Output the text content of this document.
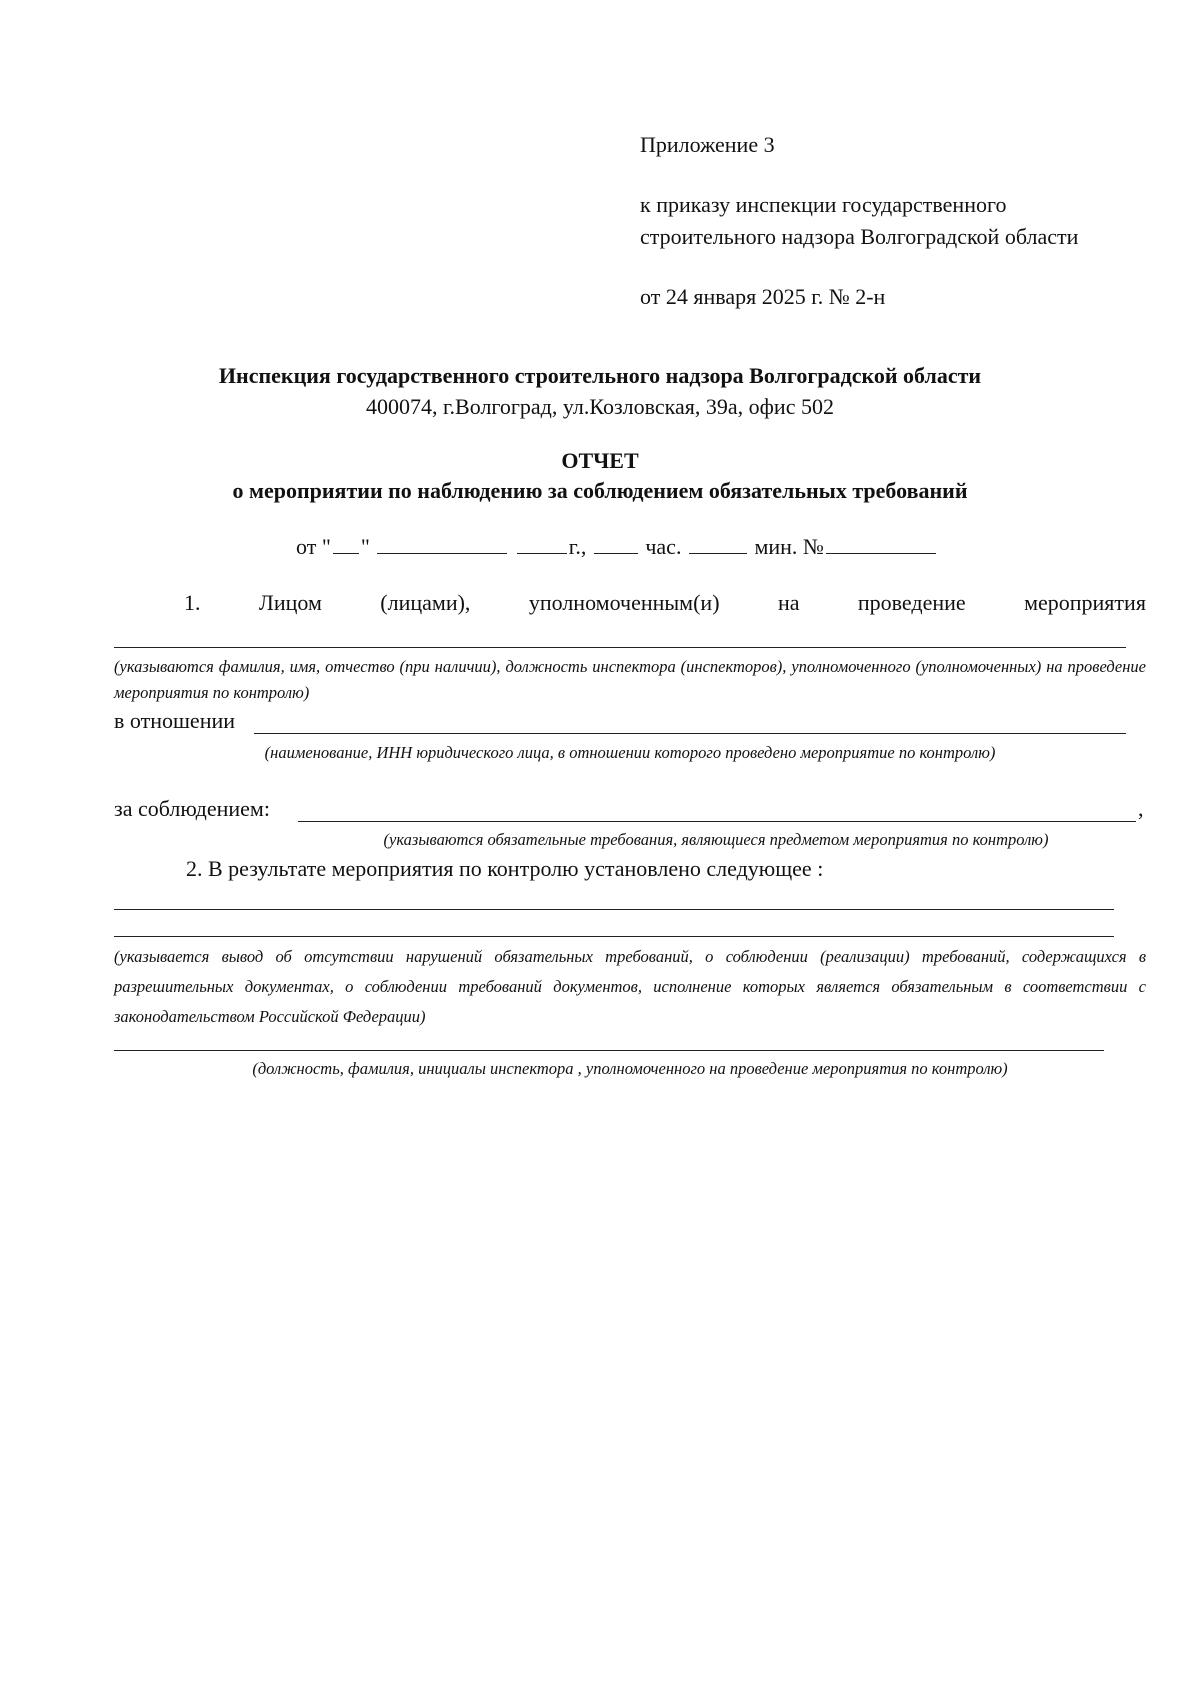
Приложение 3
к приказу инспекции государственного
строительного надзора Волгоградской области
от 24 января 2025 г. № 2-н
Инспекция государственного строительного надзора Волгоградской области
400074, г.Волгоград, ул.Козловская, 39а, офис 502
ОТЧЕТ
о мероприятии по наблюдению за соблюдением обязательных требований
от " "	г.,	час.	мин. №
1.	Лицом	(лицами),	уполномоченным(и)	на	проведение	мероприятия
(указываются фамилия, имя, отчество (при наличии), должность инспектора (инспекторов), уполномоченного (уполномоченных) на проведение мероприятия по контролю)
в отношении
(наименование, ИНН юридического лица, в отношении которого проведено мероприятие по контролю)
за соблюдением:	,
(указываются обязательные требования, являющиеся предметом мероприятия по контролю)
2. В результате мероприятия по контролю установлено следующее :
(указывается вывод об отсутствии нарушений обязательных требований, о соблюдении (реализации) требований, содержащихся в разрешительных документах, о соблюдении требований документов, исполнение которых является обязательным в соответствии с законодательством Российской Федерации)
(должность, фамилия, инициалы инспектора , уполномоченного на проведение мероприятия по контролю)
